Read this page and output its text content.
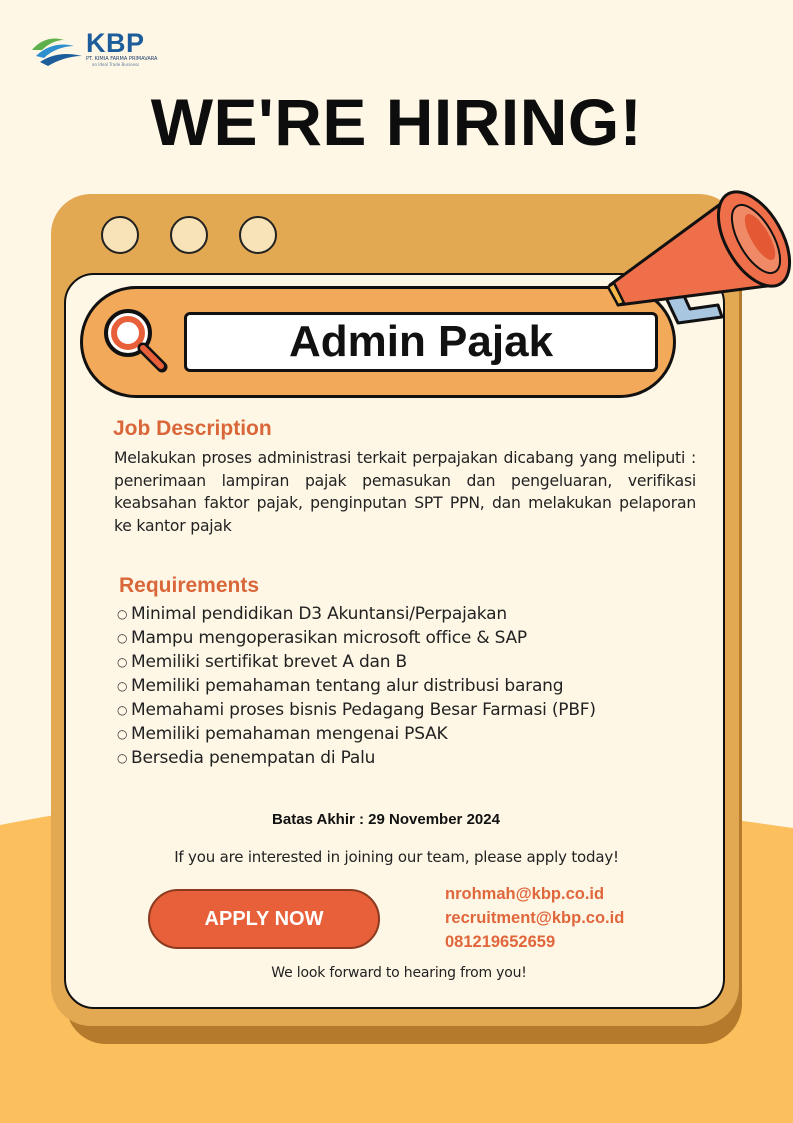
KBP
PT. KIMIA FARMA PRIMAVARA
an Ideal Trade Business
WE'RE HIRING!
Admin Pajak
Job Description
Melakukan proses administrasi terkait perpajakan dicabang yang meliputi : penerimaan lampiran pajak pemasukan dan pengeluaran, verifikasi keabsahan faktor pajak, penginputan SPT PPN, dan melakukan pelaporan ke kantor pajak
Requirements
○ Minimal pendidikan D3 Akuntansi/Perpajakan
○ Mampu mengoperasikan microsoft office & SAP
○ Memiliki sertifikat brevet A dan B
○ Memiliki pemahaman tentang alur distribusi barang
○ Memahami proses bisnis Pedagang Besar Farmasi (PBF)
○ Memiliki pemahaman mengenai PSAK
○ Bersedia penempatan di Palu
Batas Akhir : 29 November 2024
If you are interested in joining our team, please apply today!
APPLY NOW
nrohmah@kbp.co.id
recruitment@kbp.co.id
081219652659
We look forward to hearing from you!
